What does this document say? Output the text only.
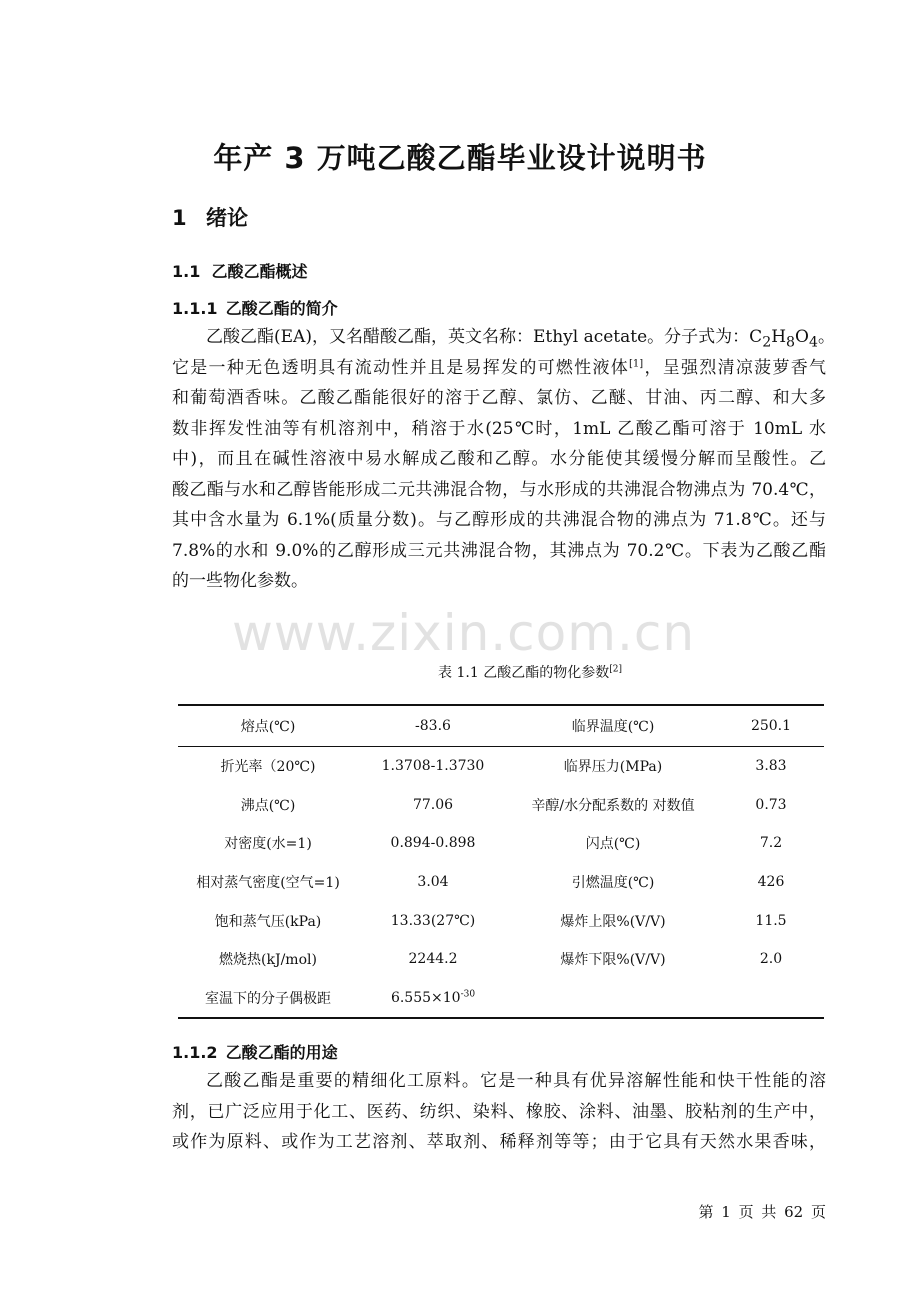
年产 3 万吨乙酸乙酯毕业设计说明书
1 绪论
1.1 乙酸乙酯概述
1.1.1 乙酸乙酯的简介
乙酸乙酯(EA)，又名醋酸乙酯，英文名称：Ethyl acetate。分子式为：$C_2H_8O_4$。
它是一种无色透明具有流动性并且是易挥发的可燃性液体[1]，呈强烈清凉菠萝香气
和葡萄酒香味。乙酸乙酯能很好的溶于乙醇、氯仿、乙醚、甘油、丙二醇、和大多
数非挥发性油等有机溶剂中，稍溶于水(25℃时，1mL 乙酸乙酯可溶于 10mL 水
中)，而且在碱性溶液中易水解成乙酸和乙醇。水分能使其缓慢分解而呈酸性。乙
酸乙酯与水和乙醇皆能形成二元共沸混合物，与水形成的共沸混合物沸点为 70.4℃，
其中含水量为 6.1%(质量分数)。与乙醇形成的共沸混合物的沸点为 71.8℃。还与
7.8%的水和 9.0%的乙醇形成三元共沸混合物，其沸点为 70.2℃。下表为乙酸乙酯
的一些物化参数。
www.zixin.com.cn

表 1.1 乙酸乙酯的物化参数[2]

熔点(℃)	-83.6	临界温度(℃)	250.1
折光率（20℃)	1.3708-1.3730	临界压力(MPa)	3.83
沸点(℃)	77.06	辛醇/水分配系数的 对数值	0.73
对密度(水=1)	0.894-0.898	闪点(℃)	7.2
相对蒸气密度(空气=1)	3.04	引燃温度(℃)	426
饱和蒸气压(kPa)	13.33(27℃)	爆炸上限%(V/V)	11.5
燃烧热(kJ/mol)	2244.2	爆炸下限%(V/V)	2.0
室温下的分子偶极距	$6.555\times 10^{-30}$		
1.1.2 乙酸乙酯的用途
乙酸乙酯是重要的精细化工原料。它是一种具有优异溶解性能和快干性能的溶
剂，已广泛应用于化工、医药、纺织、染料、橡胶、涂料、油墨、胶粘剂的生产中，
或作为原料、或作为工艺溶剂、萃取剂、稀释剂等等；由于它具有天然水果香味，
第 1 页 共 62 页
